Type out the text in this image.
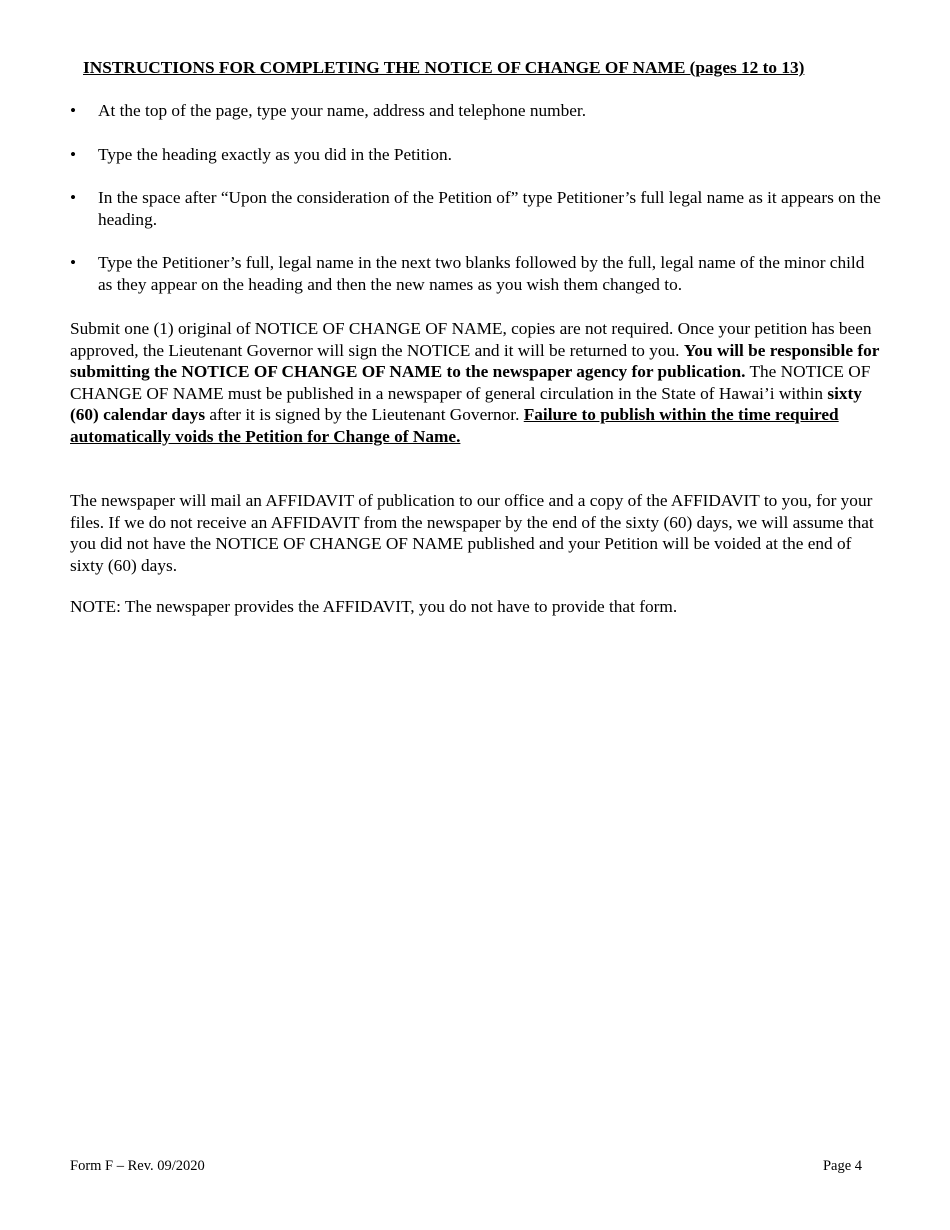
INSTRUCTIONS FOR COMPLETING THE NOTICE OF CHANGE OF NAME (pages 12 to 13)
• At the top of the page, type your name, address and telephone number.
• Type the heading exactly as you did in the Petition.
• In the space after “Upon the consideration of the Petition of” type Petitioner’s full legal name as it appears on the heading.
• Type the Petitioner’s full, legal name in the next two blanks followed by the full, legal name of the minor child as they appear on the heading and then the new names as you wish them changed to.

Submit one (1) original of NOTICE OF CHANGE OF NAME, copies are not required. Once your petition has been approved, the Lieutenant Governor will sign the NOTICE and it will be returned to you. You will be responsible for submitting the NOTICE OF CHANGE OF NAME to the newspaper agency for publication. The NOTICE OF CHANGE OF NAME must be published in a newspaper of general circulation in the State of Hawai’i within sixty (60) calendar days after it is signed by the Lieutenant Governor. Failure to publish within the time required automatically voids the Petition for Change of Name.

The newspaper will mail an AFFIDAVIT of publication to our office and a copy of the AFFIDAVIT to you, for your files. If we do not receive an AFFIDAVIT from the newspaper by the end of the sixty (60) days, we will assume that you did not have the NOTICE OF CHANGE OF NAME published and your Petition will be voided at the end of sixty (60) days.

NOTE: The newspaper provides the AFFIDAVIT, you do not have to provide that form.

Form F – Rev. 09/2020	Page 4
